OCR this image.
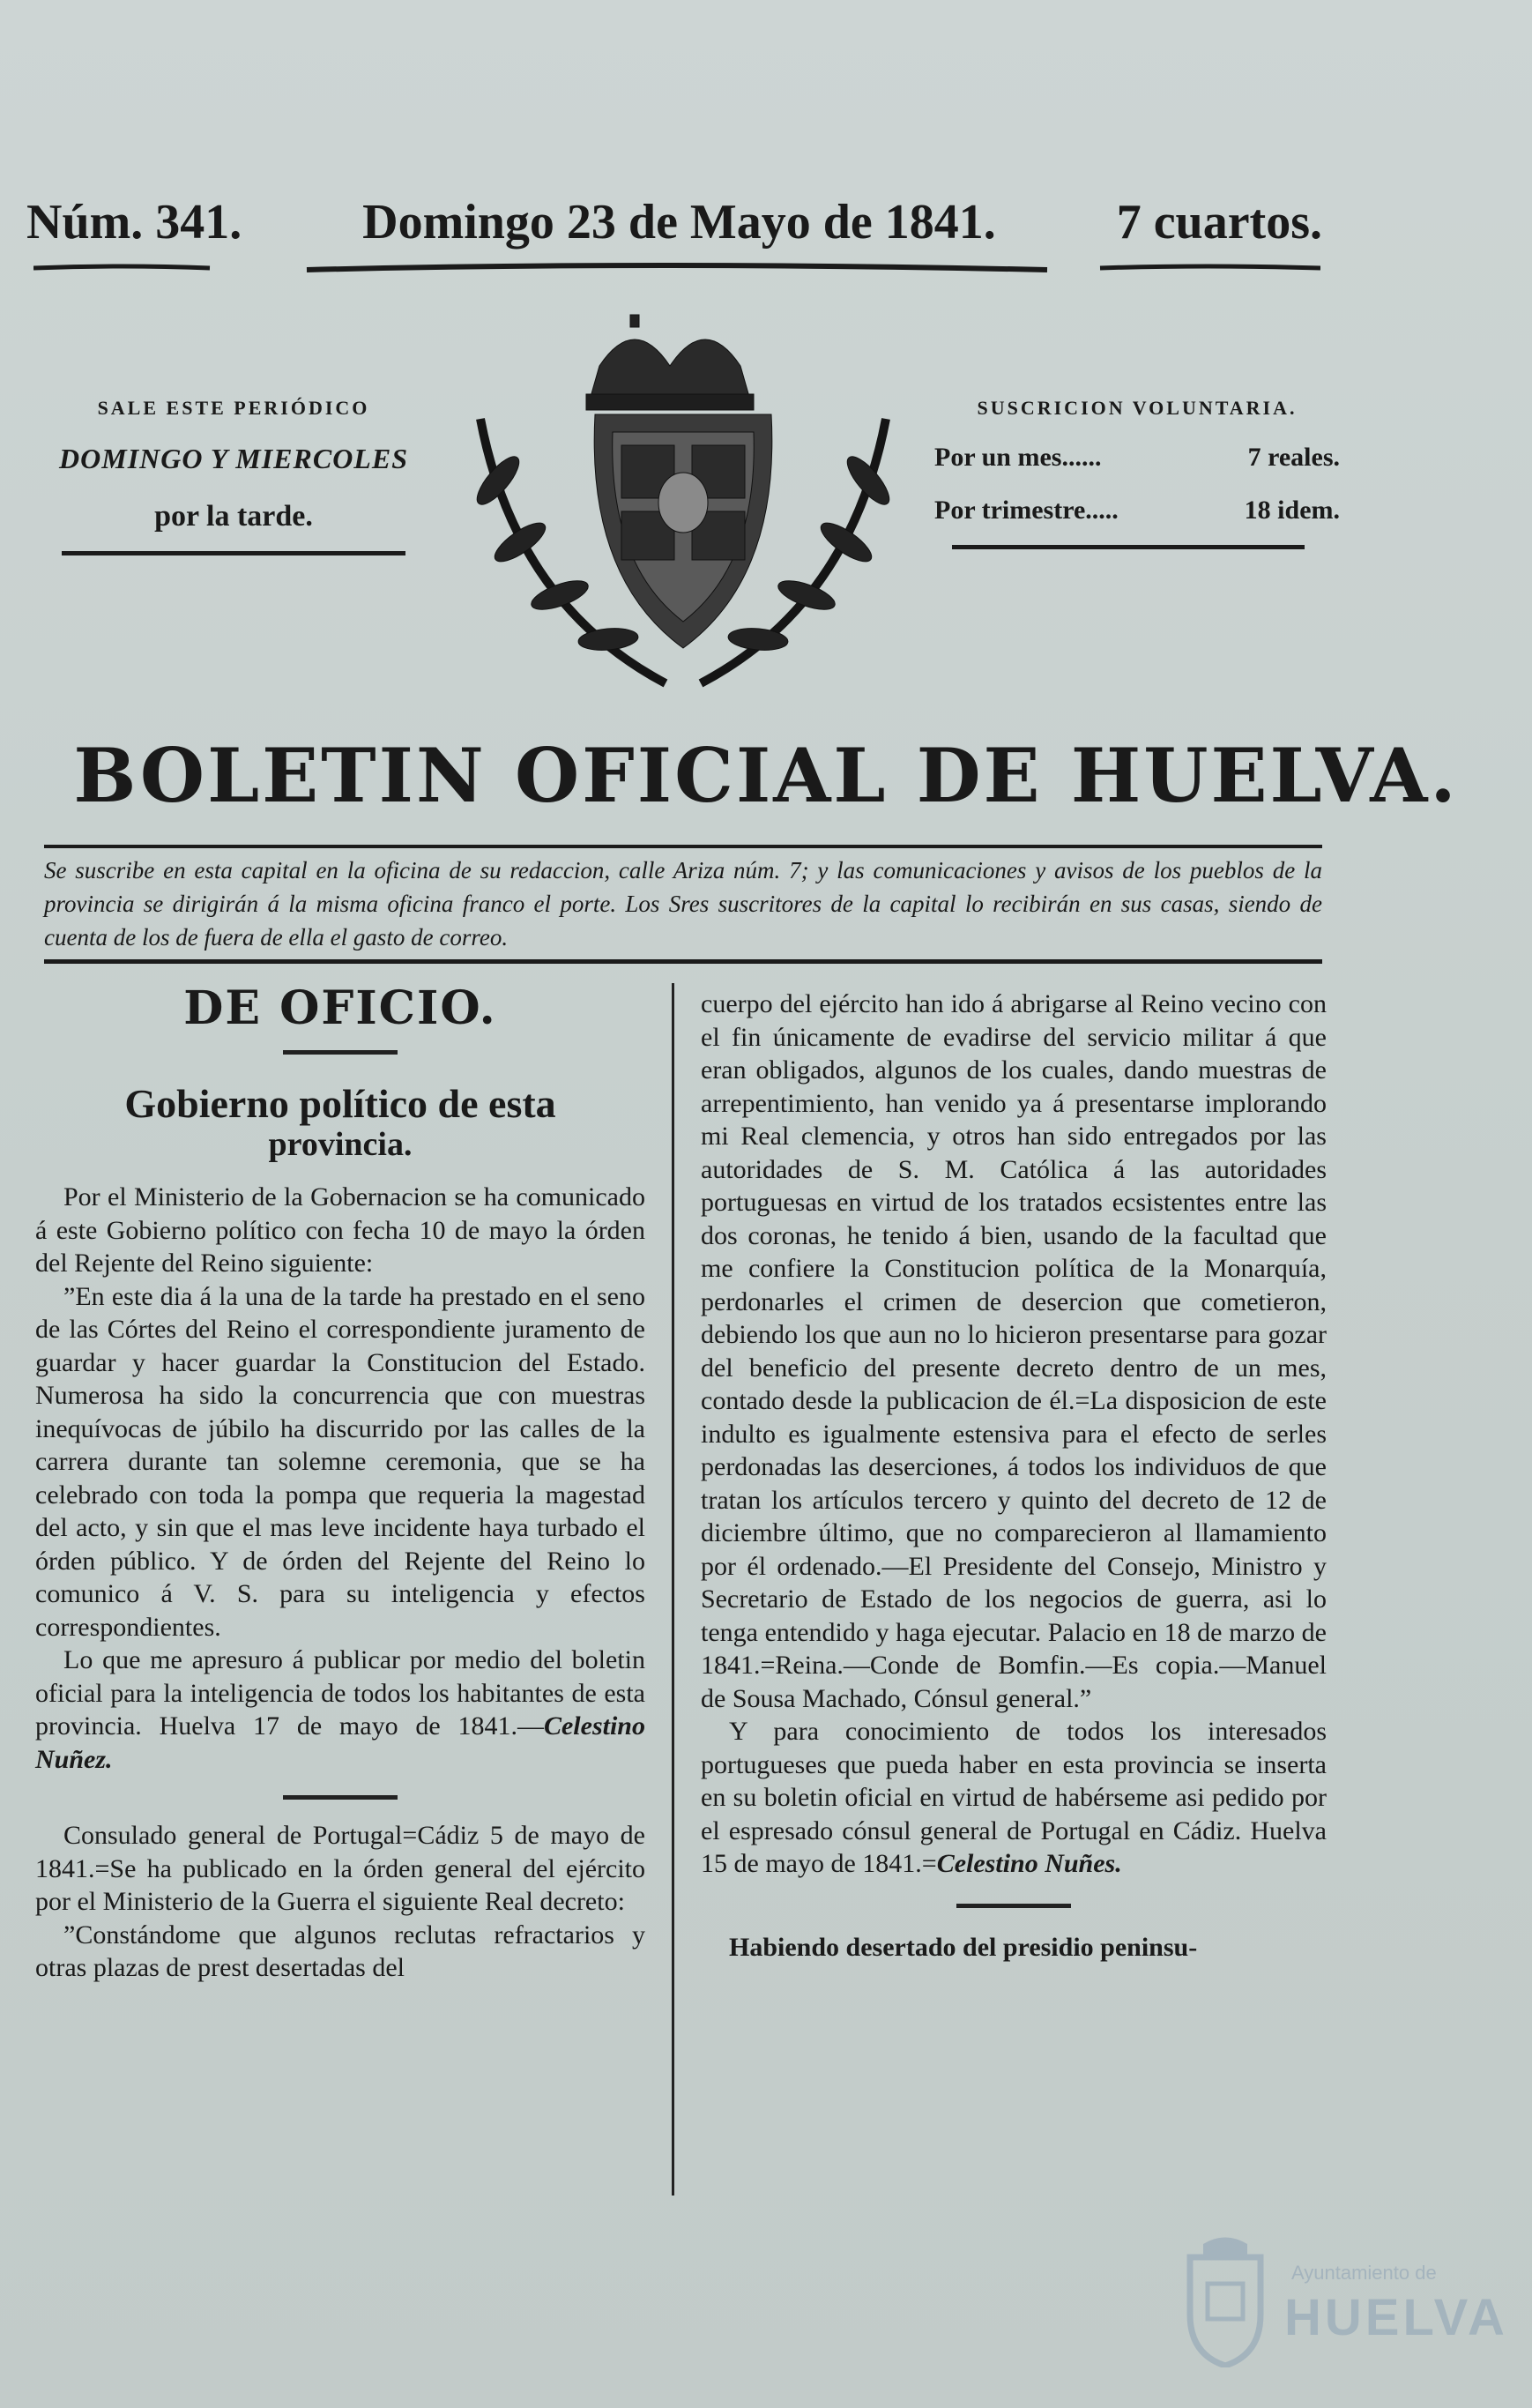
Núm. 341. Domingo 23 de Mayo de 1841. 7 cuartos.
SALE ESTE PERIÓDICO
DOMINGO Y MIERCOLES
por la tarde.
SUSCRICION VOLUNTARIA.
Por un mes......	7 reales.
Por trimestre.....	18 idem.
BOLETIN OFICIAL DE HUELVA.
Se suscribe en esta capital en la oficina de su redaccion, calle Ariza núm. 7; y las comunicaciones y avisos de los pueblos de la provincia se dirigirán á la misma oficina franco el porte. Los Sres suscritores de la capital lo recibirán en sus casas, siendo de cuenta de los de fuera de ella el gasto de correo.
DE OFICIO.
Gobierno político de esta
provincia.

Por el Ministerio de la Gobernacion se ha comunicado á este Gobierno político con fecha 10 de mayo la órden del Rejente del Reino siguiente:

”En este dia á la una de la tarde ha prestado en el seno de las Córtes del Reino el correspondiente juramento de guardar y hacer guardar la Constitucion del Estado. Numerosa ha sido la concurrencia que con muestras inequívocas de júbilo ha discurrido por las calles de la carrera durante tan solemne ceremonia, que se ha celebrado con toda la pompa que requeria la magestad del acto, y sin que el mas leve incidente haya turbado el órden público. Y de órden del Rejente del Reino lo comunico á V. S. para su inteligencia y efectos correspondientes.

Lo que me apresuro á publicar por medio del boletin oficial para la inteligencia de todos los habitantes de esta provincia. Huelva 17 de mayo de 1841.—Celestino Nuñez.

Consulado general de Portugal=Cádiz 5 de mayo de 1841.=Se ha publicado en la órden general del ejército por el Ministerio de la Guerra el siguiente Real decreto:

”Constándome que algunos reclutas refractarios y otras plazas de prest desertadas del

cuerpo del ejército han ido á abrigarse al Reino vecino con el fin únicamente de evadirse del servicio militar á que eran obligados, algunos de los cuales, dando muestras de arrepentimiento, han venido ya á presentarse implorando mi Real clemencia, y otros han sido entregados por las autoridades de S. M. Católica á las autoridades portuguesas en virtud de los tratados ecsistentes entre las dos coronas, he tenido á bien, usando de la facultad que me confiere la Constitucion política de la Monarquía, perdonarles el crimen de desercion que cometieron, debiendo los que aun no lo hicieron presentarse para gozar del beneficio del presente decreto dentro de un mes, contado desde la publicacion de él.=La disposicion de este indulto es igualmente estensiva para el efecto de serles perdonadas las deserciones, á todos los individuos de que tratan los artículos tercero y quinto del decreto de 12 de diciembre último, que no comparecieron al llamamiento por él ordenado.—El Presidente del Consejo, Ministro y Secretario de Estado de los negocios de guerra, asi lo tenga entendido y haga ejecutar. Palacio en 18 de marzo de 1841.=Reina.—Conde de Bomfin.—Es copia.—Manuel de Sousa Machado, Cónsul general.”

Y para conocimiento de todos los interesados portugueses que pueda haber en esta provincia se inserta en su boletin oficial en virtud de habérseme asi pedido por el espresado cónsul general de Portugal en Cádiz. Huelva 15 de mayo de 1841.=Celestino Nuñes.

Habiendo desertado del presidio peninsu-

Ayuntamiento de
HUELVA
